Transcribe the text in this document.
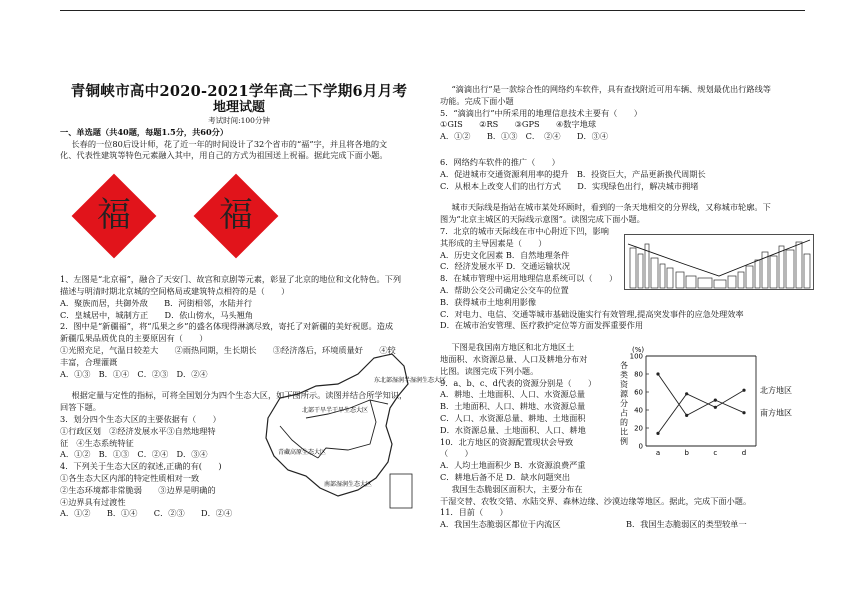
青铜峡市高中2020-2021学年高二下学期6月月考

地理试题

考试时间:100分钟

一、单选题（共40题，每题1.5分，共60分）

长春的一位80后设计师，花了近一年的时间设计了32个省市的“福”字，并且将各地的文

化、代表性建筑等特色元素融入其中，用自己的方式为祖国送上祝福。据此完成下面小题。

福	福

1、左图是“北京福”，融合了天安门、故宫和京剧等元素，彰显了北京的地位和文化特色。下列

描述与明清时期北京城的空间格局或建筑特点相符的是（　　）

A．聚族而居，共御外敌　　B．河街相邻，水陆并行

C．皇城居中，城制方正　　D．依山傍水，马头翘角

2．图中是“新疆福”，将“瓜果之乡”的盛名体现得淋漓尽致，寄托了对新疆的美好祝愿。造成

新疆瓜果品质优良的主要原因有（　　）

①光照充足，气温日较差大　　②雨热同期，生长期长　　③经济落后，环境质量好　　④较

丰富，合理灌溉

A．①③　B．①④　C．②③　D．②④

根据定量与定性的指标，可将全国划分为四个生态大区，如下图所示。读图并结合所学知识，

回答下题。

3．划分四个生态大区的主要依据有（　　）

①行政区划　②经济发展水平③自然地理特

征　④生态系统特征

A．①②　B．①③　C．②④　D．③④

4．下列关于生态大区的叙述,正确的有(　　)

①各生态大区内部的特定性质相对一致

②生态环境都非常脆弱　　③边界是明确的

④边界具有过渡性

A．①②　　B．①④　　C．②③　　D．②④

东北部湿润半湿润生态大区
北部干旱半干旱生态大区
青藏高原生态大区
南部湿润生态大区

“滴滴出行”是一款综合性的网络约车软件，具有查找附近可用车辆、规划最优出行路线等

功能。完成下面小题

5．“滴滴出行”中所采用的地理信息技术主要有（　　）

①GIS　　②RS　　③GPS　　④数字地球

A．①②　　B．①③　C．　②④　　D．③④

6．网络约车软件的推广（　　）

A．促进城市交通资源利用率的提升　B．投资巨大，产品更新换代周期长

C．从根本上改变人们的出行方式　　D．实现绿色出行，解决城市拥堵

城市天际线是指站在城市某处环顾时，看到的一条天地相交的分界线，又称城市轮廓。下

图为“北京主城区的天际线示意图”。读图完成下面小题。

7．北京的城市天际线在市中心附近下凹，影响

其形成的主导因素是（　　）

A．历史文化因素 B．自然地理条件

C．经济发展水平 D．交通运输状况

8．在城市管理中运用地理信息系统可以（　　）

A．帮助公交公司确定公交车的位置

B．获得城市土地利用影像

C．对电力、电信、交通等城市基础设施实行有效管理,提高突发事件的应急处理效率

D．在城市治安管理、医疗救护定位等方面发挥重要作用

下图是我国南方地区和北方地区土

地面积、水资源总量、人口及耕地分布对

比图。读图完成下列小题。

9．a、b、c、d代表的资源分别是（　　）

A．耕地、土地面积、人口、水资源总量

B．土地面积、人口、耕地、水资源总量

C．人口、水资源总量、耕地、土地面积

D．水资源总量、土地面积、人口、耕地

10．北方地区的资源配置现状会导致

（　　）

A．人均土地面积少 B．水资源浪费严重

C．耕地后备不足 D．缺水问题突出

我国生态脆弱区面积大，主要分布在

干湿交替、农牧交错、水陆交界、森林边缘、沙漠边缘等地区。据此，完成下面小题。

11．目前（　　）

A．我国生态脆弱区都位于内流区　　　　　　　　B．我国生态脆弱区的类型较单一

(%)
0
20
40
60
80
100
a	b	c	d
各
类
资
源
分
占
的
比
例
北方地区
南方地区
